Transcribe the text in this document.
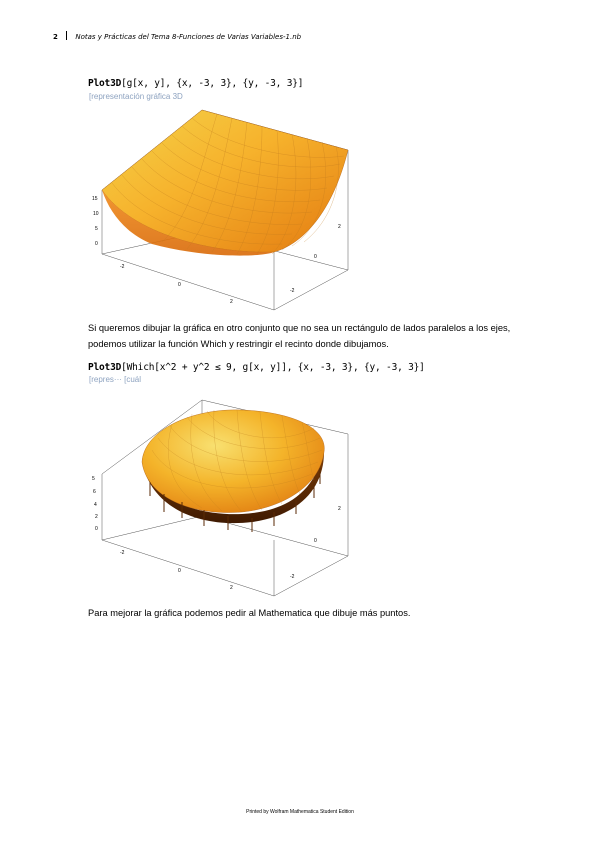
2 Notas y Prácticas del Tema 8-Funciones de Varias Variables-1.nb
Plot3D[g[x, y], {x, -3, 3}, {y, -3, 3}]
[representación gráfica 3D
15
10
5
0
-2
0
2
2
0
-2
Si queremos dibujar la gráfica en otro conjunto que no sea un rectángulo de lados paralelos a los ejes, podemos utilizar la función Which y restringir el recinto donde dibujamos.
Plot3D[Which[x^2 + y^2 ≤ 9, g[x, y]], {x, -3, 3}, {y, -3, 3}]
[repres··· [cuál
5
6
4
2
0
-2
0
2
2
0
-2
Para mejorar la gráfica podemos pedir al Mathematica que dibuje más puntos.
Printed by Wolfram Mathematica Student Edition
